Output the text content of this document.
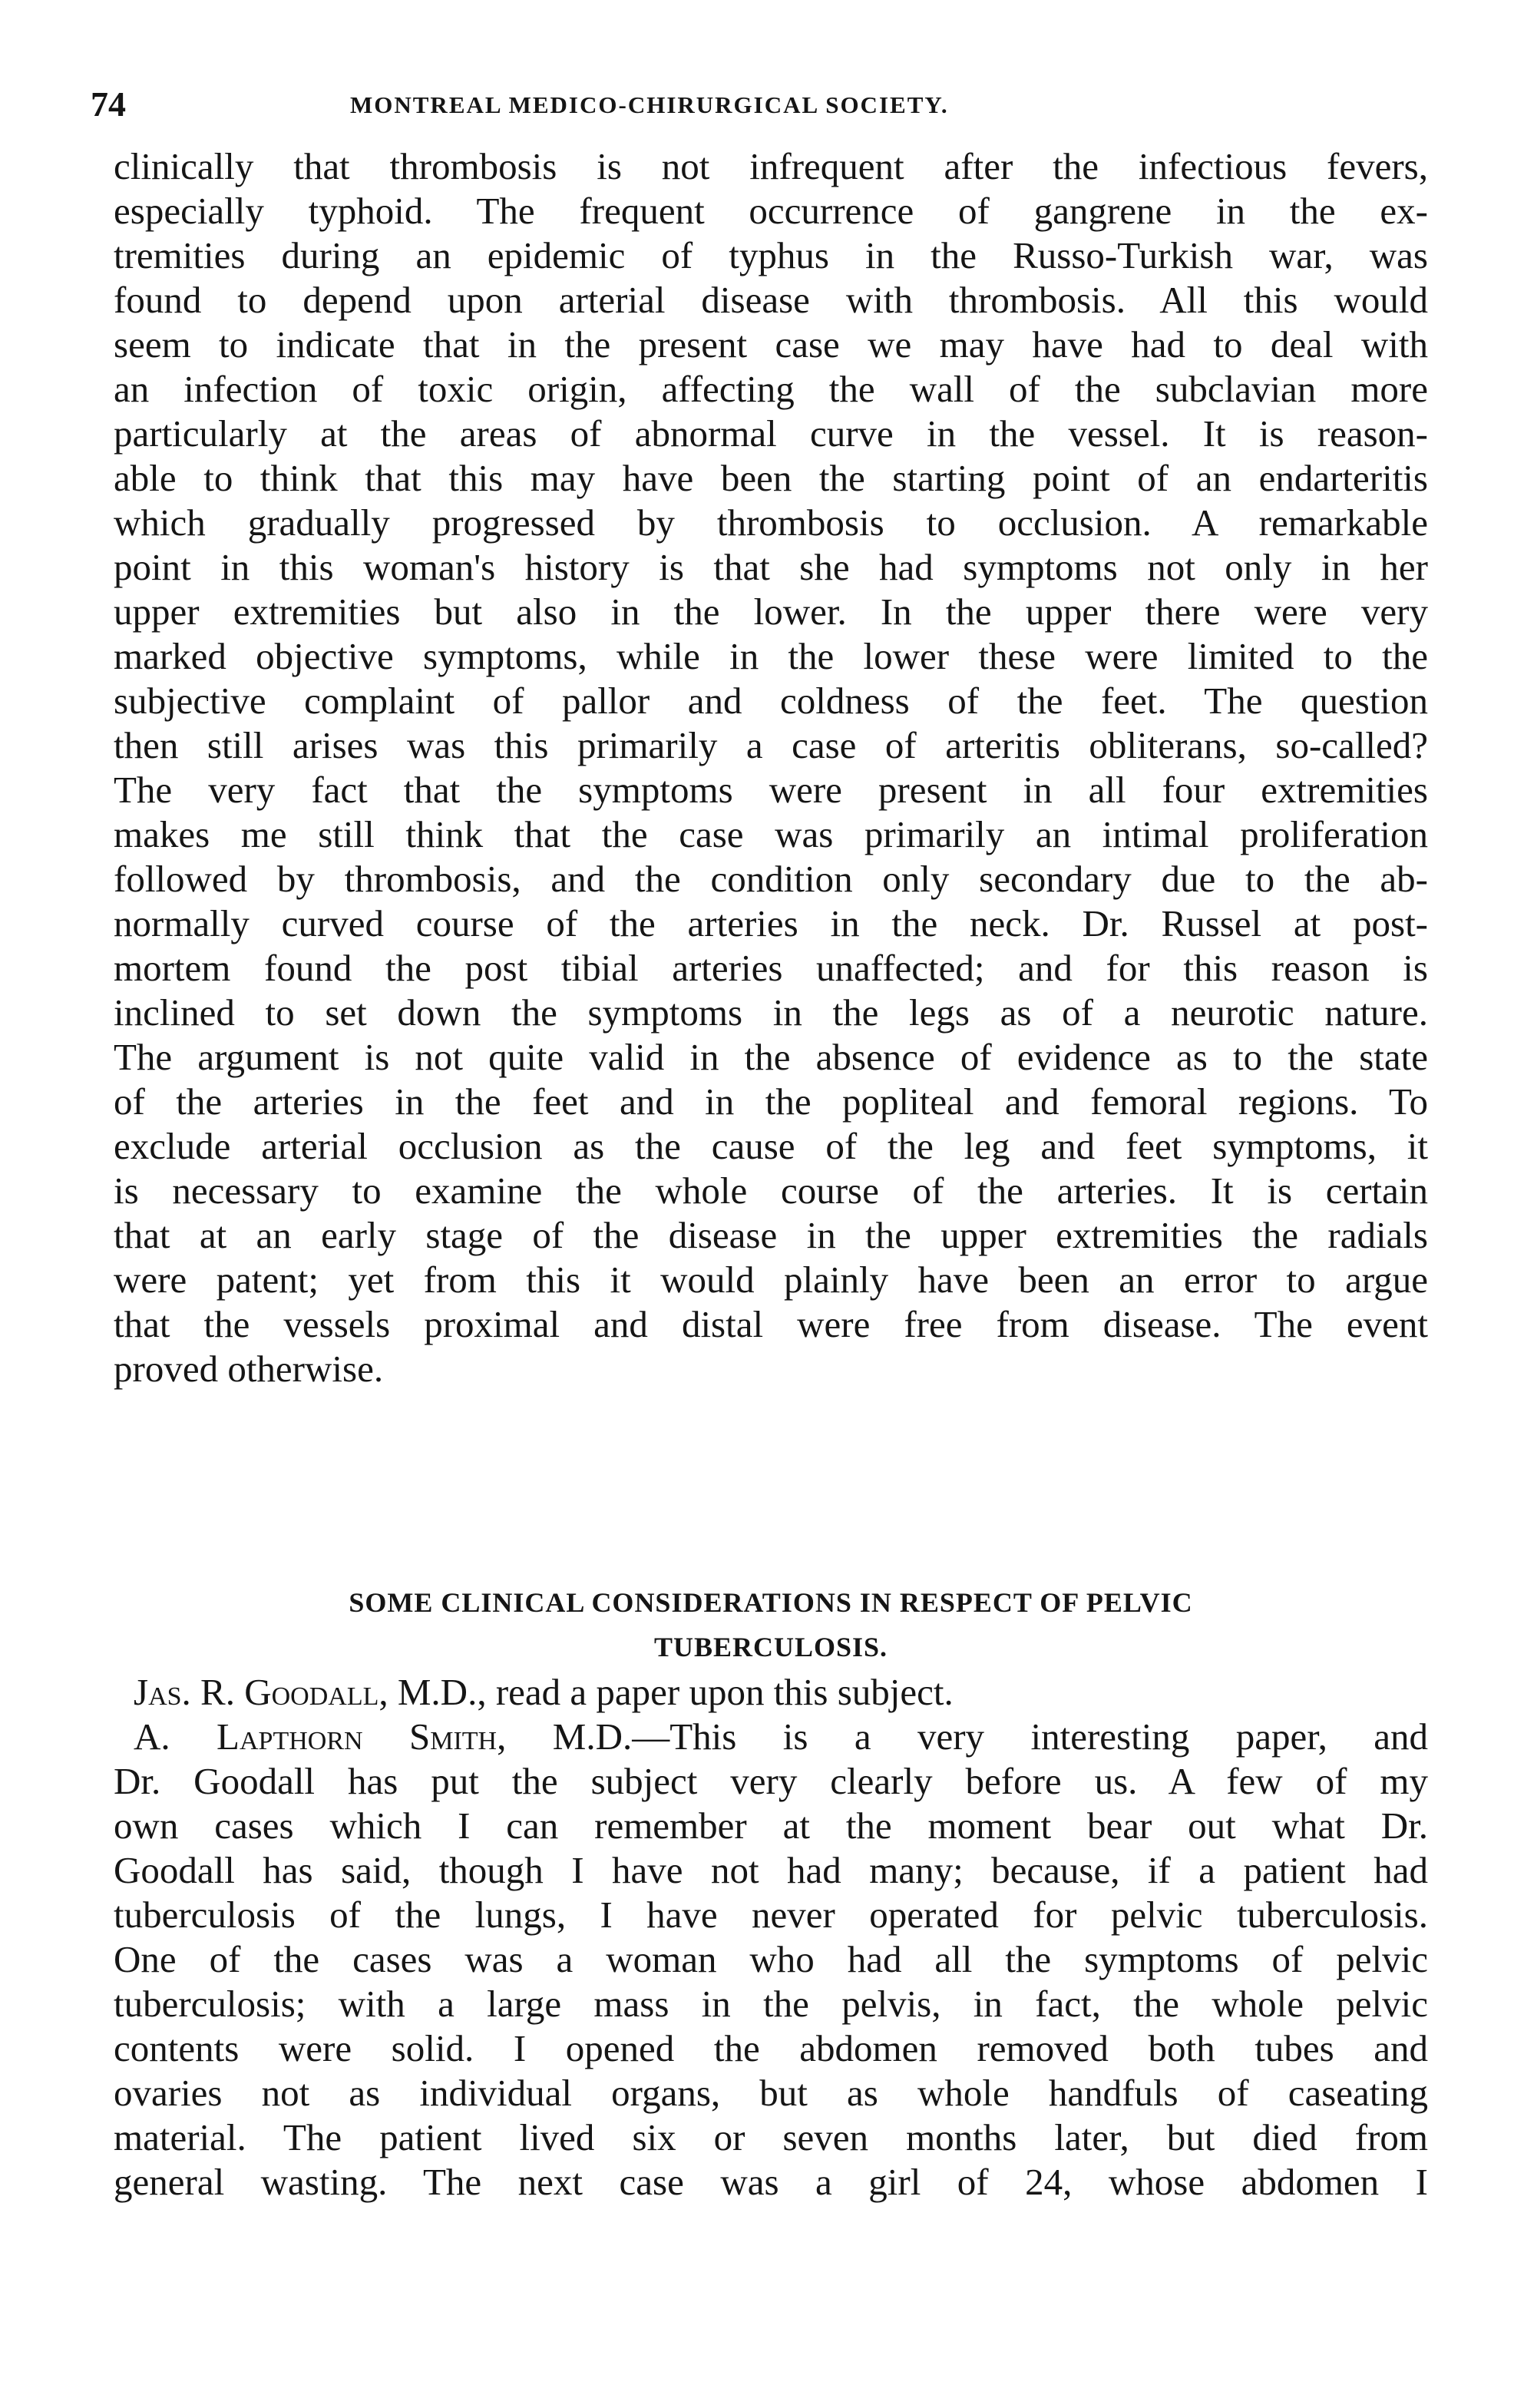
74	MONTREAL MEDICO-CHIRURGICAL SOCIETY.
clinically that thrombosis is not infrequent after the infectious fevers,
especially typhoid. The frequent occurrence of gangrene in the ex-
tremities during an epidemic of typhus in the Russo-Turkish war, was
found to depend upon arterial disease with thrombosis. All this would
seem to indicate that in the present case we may have had to deal with
an infection of toxic origin, affecting the wall of the subclavian more
particularly at the areas of abnormal curve in the vessel. It is reason-
able to think that this may have been the starting point of an endarteritis
which gradually progressed by thrombosis to occlusion. A remarkable
point in this woman's history is that she had symptoms not only in her
upper extremities but also in the lower. In the upper there were very
marked objective symptoms, while in the lower these were limited to the
subjective complaint of pallor and coldness of the feet. The question
then still arises was this primarily a case of arteritis obliterans, so-called?
The very fact that the symptoms were present in all four extremities
makes me still think that the case was primarily an intimal proliferation
followed by thrombosis, and the condition only secondary due to the ab-
normally curved course of the arteries in the neck. Dr. Russel at post-
mortem found the post tibial arteries unaffected; and for this reason is
inclined to set down the symptoms in the legs as of a neurotic nature.
The argument is not quite valid in the absence of evidence as to the state
of the arteries in the feet and in the popliteal and femoral regions. To
exclude arterial occlusion as the cause of the leg and feet symptoms, it
is necessary to examine the whole course of the arteries. It is certain
that at an early stage of the disease in the upper extremities the radials
were patent; yet from this it would plainly have been an error to argue
that the vessels proximal and distal were free from disease. The event
proved otherwise.
SOME CLINICAL CONSIDERATIONS IN RESPECT OF PELVIC
TUBERCULOSIS.
Jas. R. Goodall, M.D., read a paper upon this subject.
A. Lapthorn Smith, M.D.—This is a very interesting paper, and
Dr. Goodall has put the subject very clearly before us. A few of my
own cases which I can remember at the moment bear out what Dr.
Goodall has said, though I have not had many; because, if a patient had
tuberculosis of the lungs, I have never operated for pelvic tuberculosis.
One of the cases was a woman who had all the symptoms of pelvic
tuberculosis; with a large mass in the pelvis, in fact, the whole pelvic
contents were solid. I opened the abdomen removed both tubes and
ovaries not as individual organs, but as whole handfuls of caseating
material. The patient lived six or seven months later, but died from
general wasting. The next case was a girl of 24, whose abdomen I
